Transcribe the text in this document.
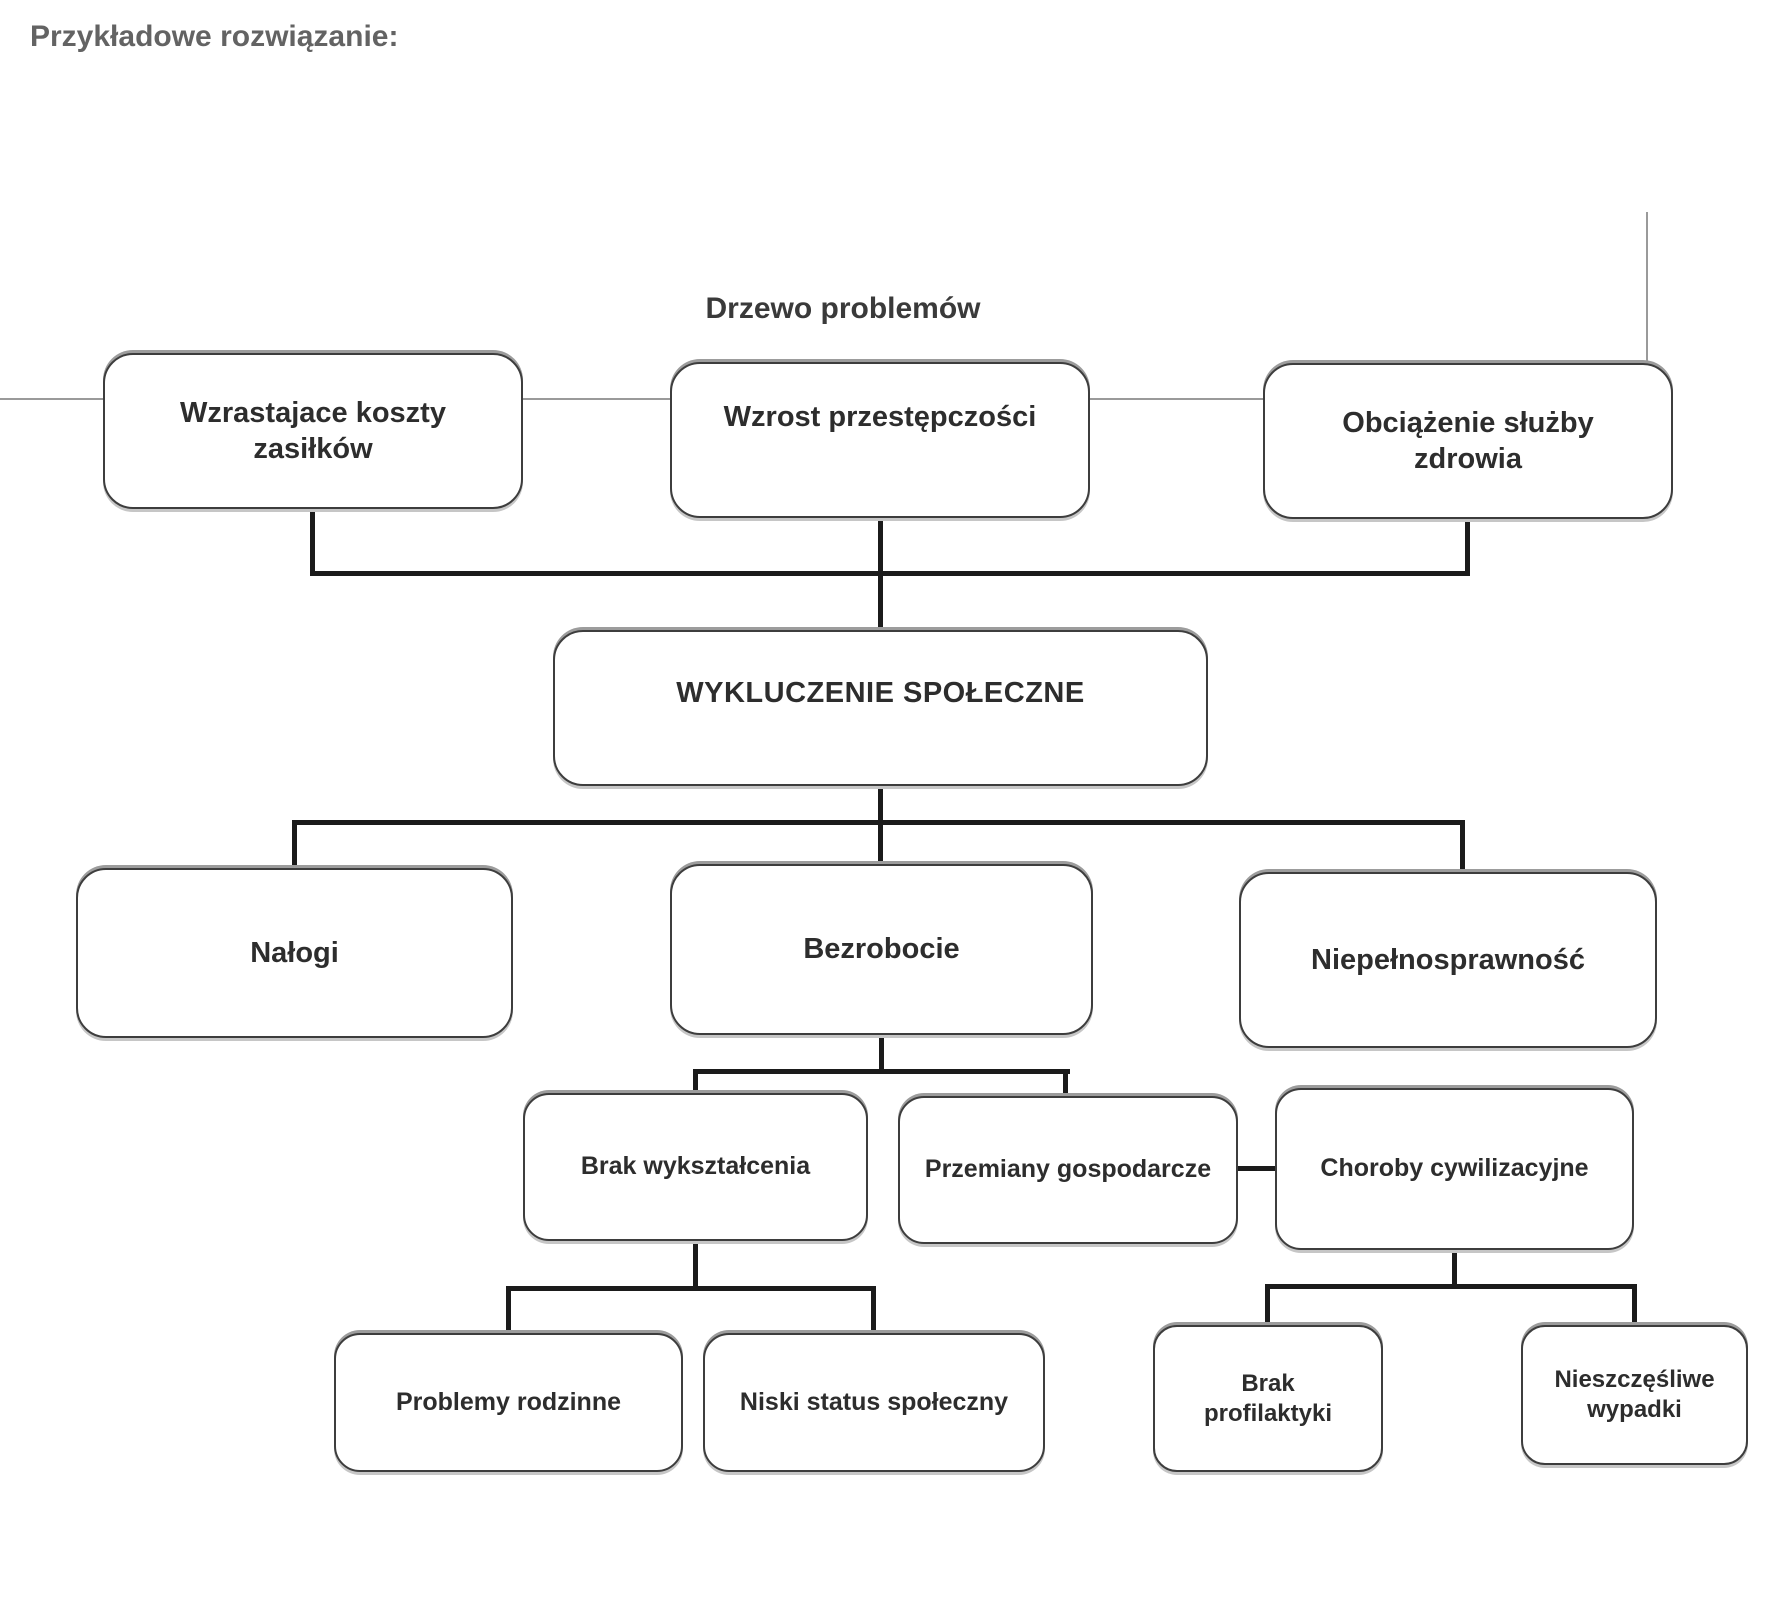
Przykładowe rozwiązanie:
Drzewo problemów
Wzrastajace koszty zasiłków
Wzrost przestępczości	Obciążenie służby zdrowia
WYKLUCZENIE SPOŁECZNE
Nałogi	Bezrobocie	Niepełnosprawność
Brak wykształcenia	Przemiany gospodarcze	Choroby cywilizacyjne
Problemy rodzinne	Niski status społeczny
Brak profilaktyki
Nieszczęśliwe wypadki
